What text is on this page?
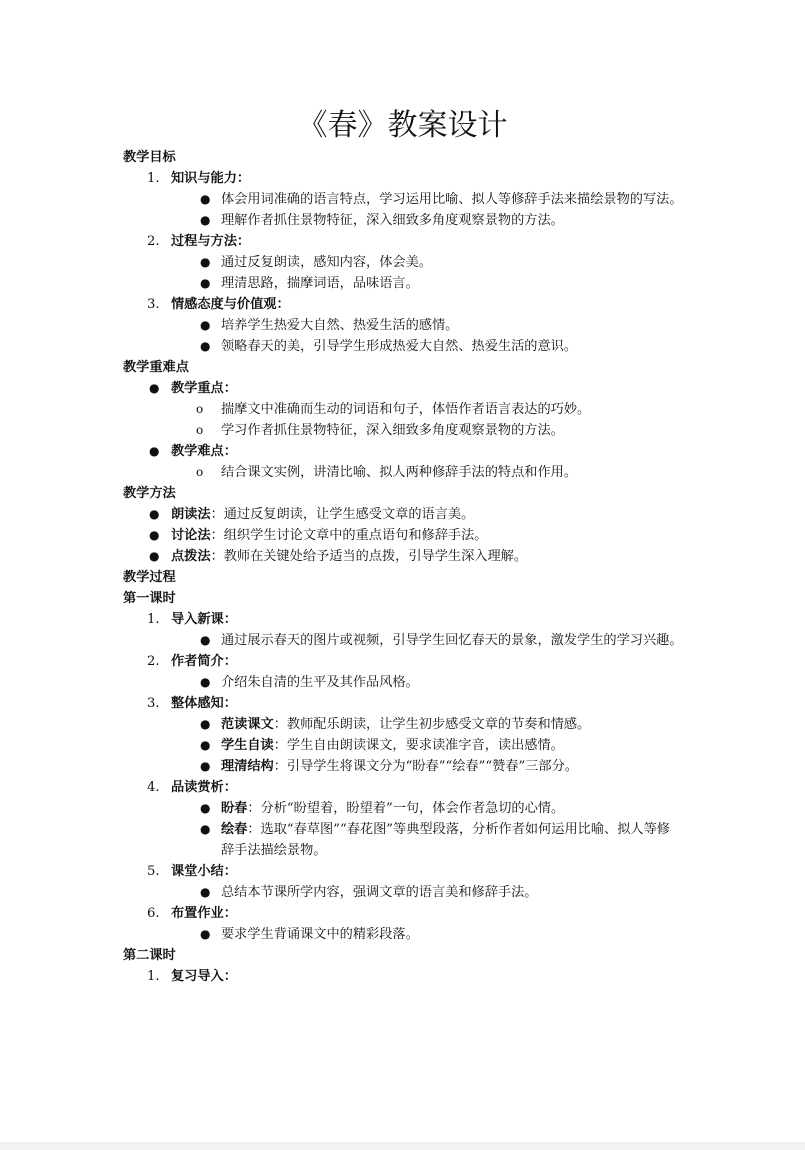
《春》教案设计
教学目标
1. 知识与能力：
● 体会用词准确的语言特点，学习运用比喻、拟人等修辞手法来描绘景物的写法。
● 理解作者抓住景物特征，深入细致多角度观察景物的方法。
2. 过程与方法：
● 通过反复朗读，感知内容，体会美。
● 理清思路，揣摩词语，品味语言。
3. 情感态度与价值观：
● 培养学生热爱大自然、热爱生活的感情。
● 领略春天的美，引导学生形成热爱大自然、热爱生活的意识。
教学重难点
● 教学重点：
o 揣摩文中准确而生动的词语和句子，体悟作者语言表达的巧妙。
o 学习作者抓住景物特征，深入细致多角度观察景物的方法。
● 教学难点：
o 结合课文实例，讲清比喻、拟人两种修辞手法的特点和作用。
教学方法
● 朗读法：通过反复朗读，让学生感受文章的语言美。
● 讨论法：组织学生讨论文章中的重点语句和修辞手法。
● 点拨法：教师在关键处给予适当的点拨，引导学生深入理解。
教学过程
第一课时
1. 导入新课：
● 通过展示春天的图片或视频，引导学生回忆春天的景象，激发学生的学习兴趣。
2. 作者简介：
● 介绍朱自清的生平及其作品风格。
3. 整体感知：
● 范读课文：教师配乐朗读，让学生初步感受文章的节奏和情感。
● 学生自读：学生自由朗读课文，要求读准字音，读出感情。
● 理清结构：引导学生将课文分为“盼春”“绘春”“赞春”三部分。
4. 品读赏析：
● 盼春：分析“盼望着，盼望着”一句，体会作者急切的心情。
● 绘春：选取“春草图”“春花图”等典型段落，分析作者如何运用比喻、拟人等修辞手法描绘景物。
5. 课堂小结：
● 总结本节课所学内容，强调文章的语言美和修辞手法。
6. 布置作业：
● 要求学生背诵课文中的精彩段落。
第二课时
1. 复习导入：
